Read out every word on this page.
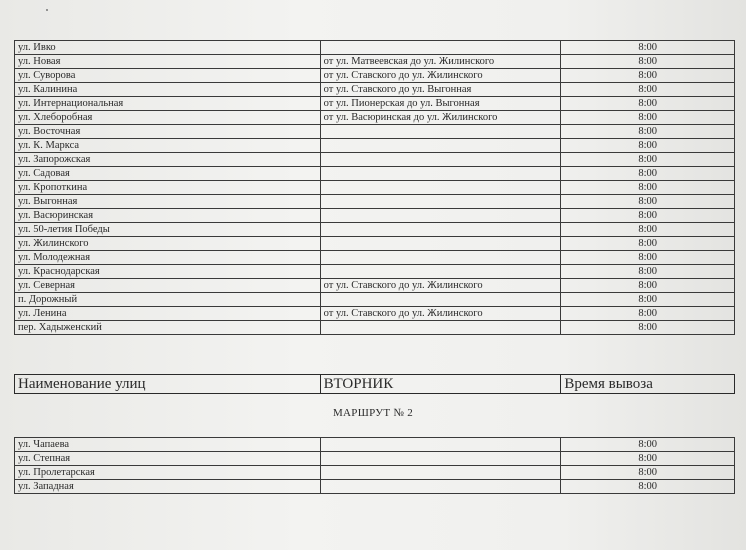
ул. Ивко		8:00
ул. Новая	от ул. Матвеевская до ул. Жилинского	8:00
ул. Суворова	от ул. Ставского до ул. Жилинского	8:00
ул. Калинина	от ул. Ставского до ул. Выгонная	8:00
ул. Интернациональная	от ул. Пионерская до ул. Выгонная	8:00
ул. Хлеборобная	от ул. Васюринская до ул. Жилинского	8:00
ул. Восточная		8:00
ул. К. Маркса		8:00
ул. Запорожская		8:00
ул. Садовая		8:00
ул. Кропоткина		8:00
ул. Выгонная		8:00
ул. Васюринская		8:00
ул. 50-летия Победы		8:00
ул. Жилинского		8:00
ул. Молодежная		8:00
ул. Краснодарская		8:00
ул. Северная	от ул. Ставского до ул. Жилинского	8:00
п. Дорожный		8:00
ул. Ленина	от ул. Ставского до ул. Жилинского	8:00
пер. Хадыженский		8:00
Наименование улиц	ВТОРНИК	Время вывоза
МАРШРУТ № 2
ул. Чапаева		8:00
ул. Степная		8:00
ул. Пролетарская		8:00
ул. Западная		8:00
